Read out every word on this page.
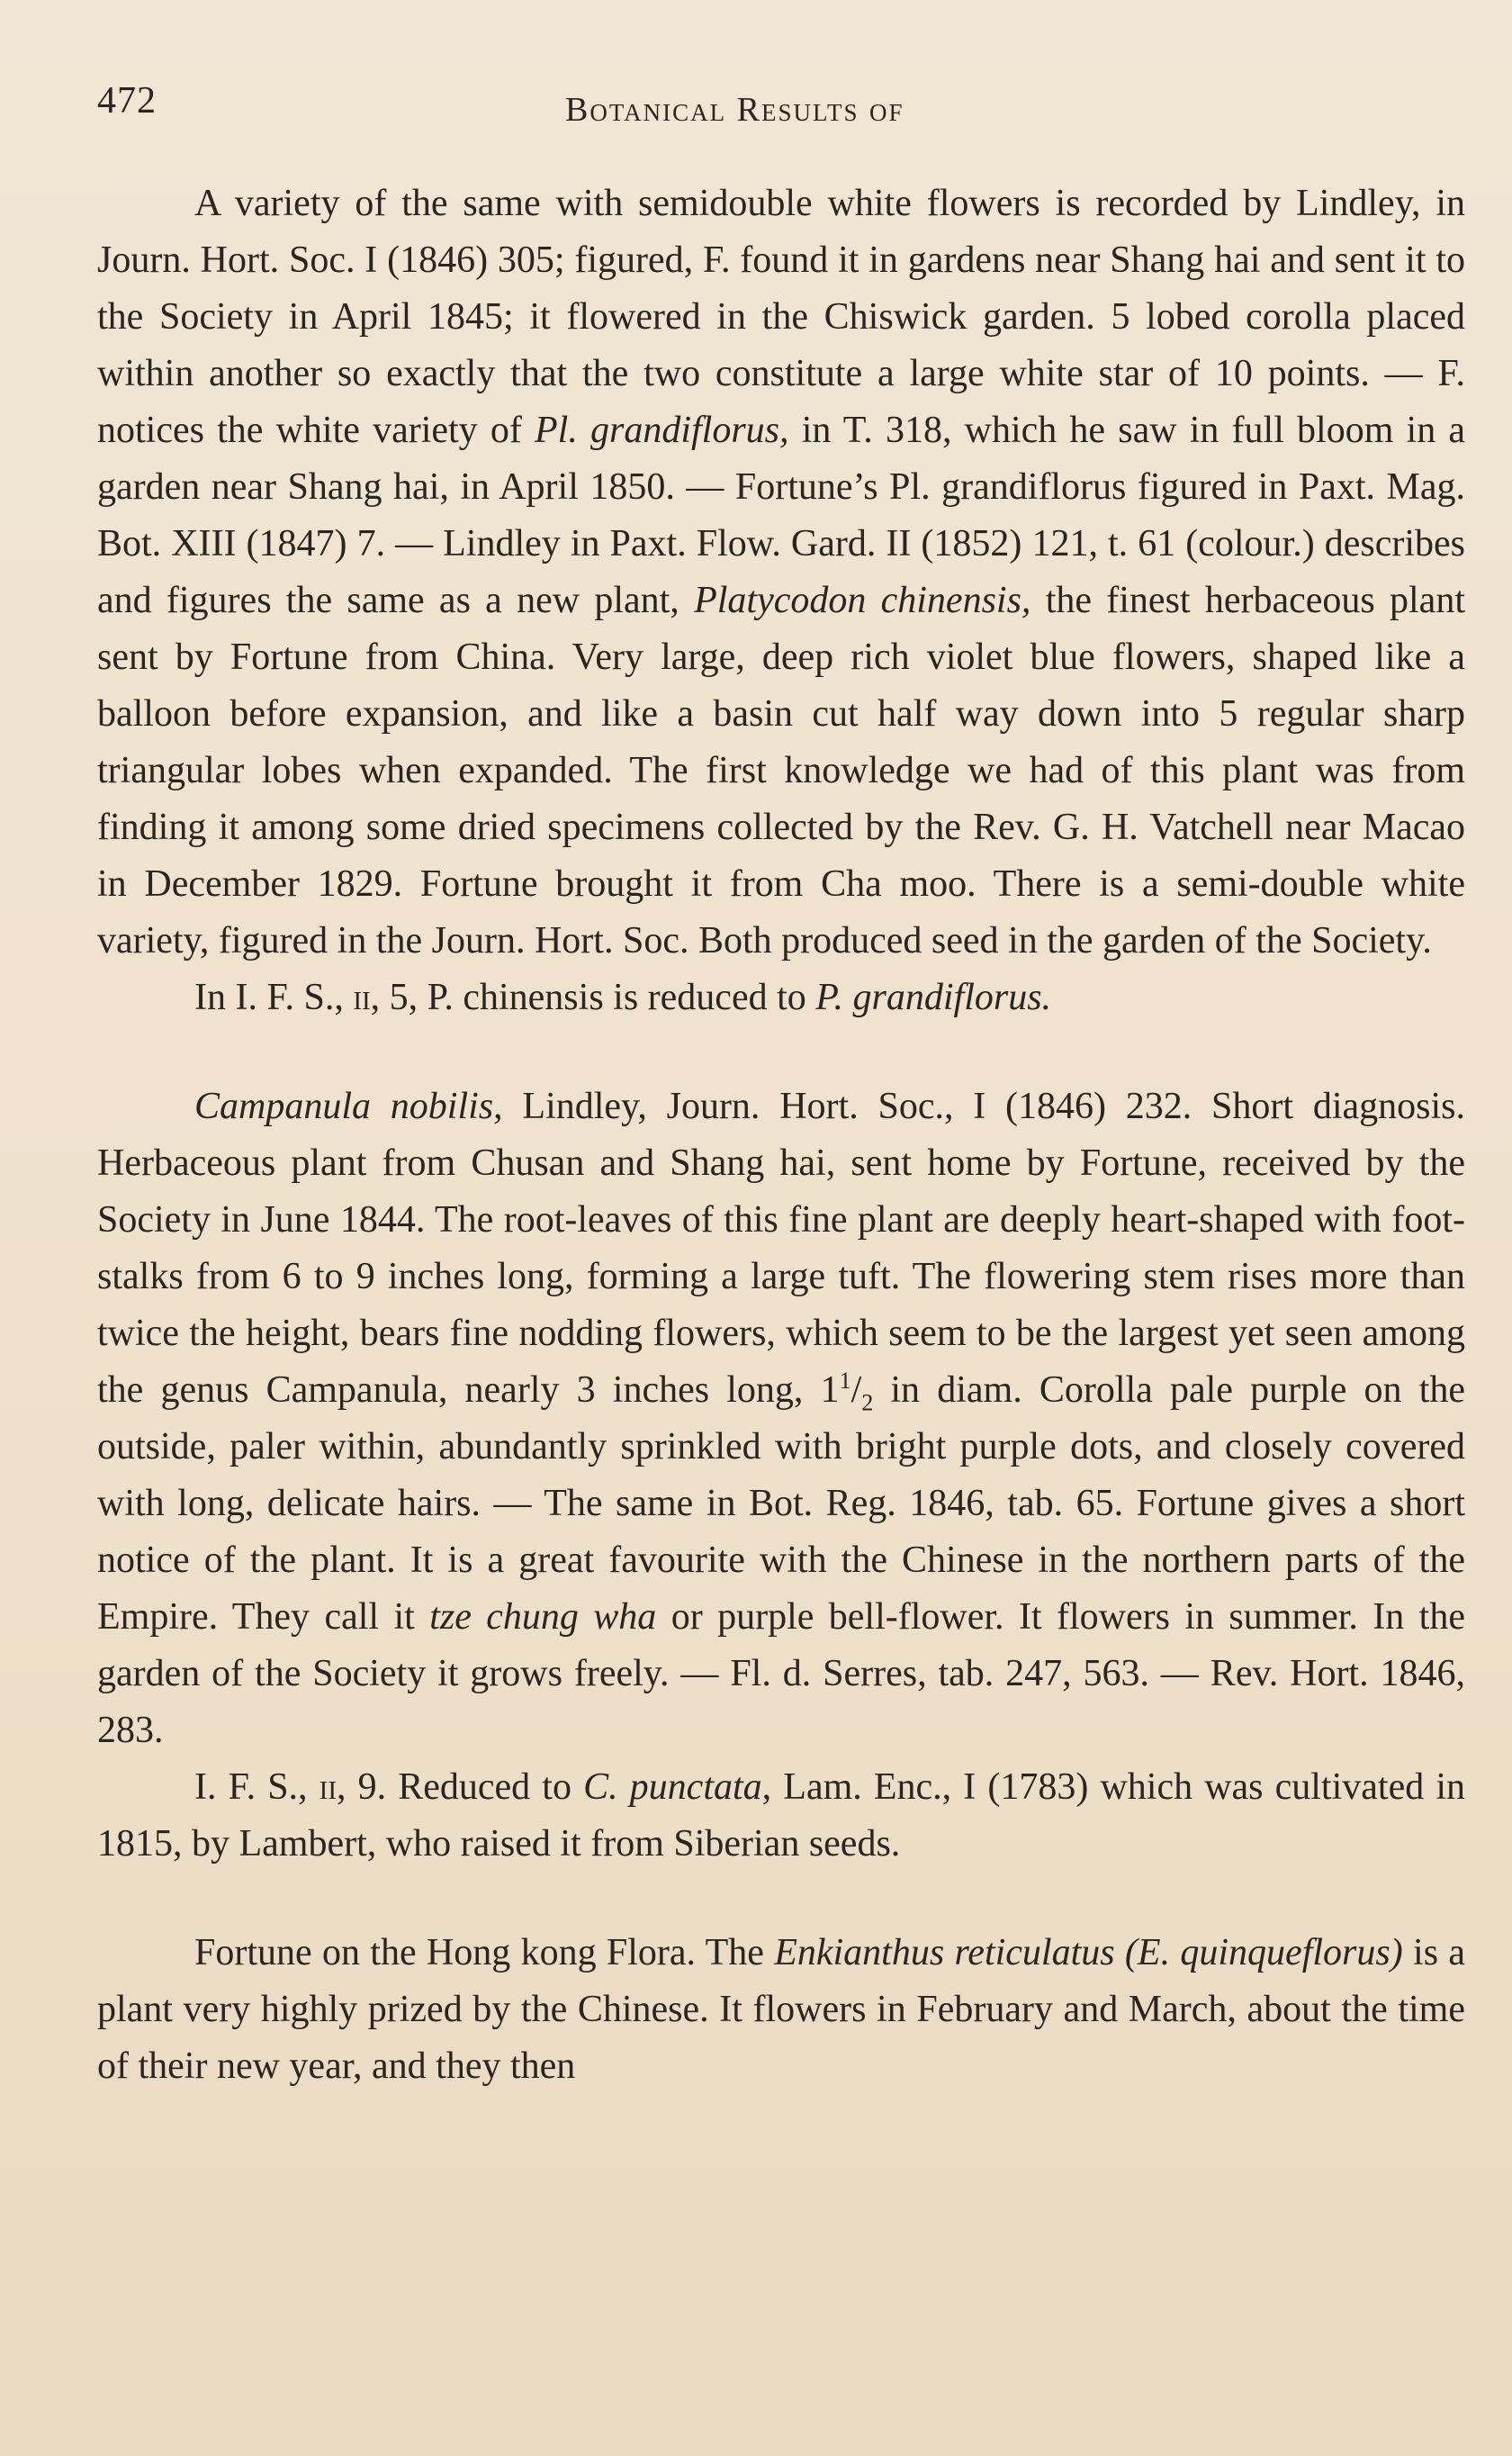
472	Botanical Results of

A variety of the same with semidouble white flowers is recorded by Lindley, in Journ. Hort. Soc. I (1846) 305; figured, F. found it in gardens near Shang hai and sent it to the Society in April 1845; it flowered in the Chiswick garden. 5 lobed corolla placed within another so exactly that the two constitute a large white star of 10 points. — F. notices the white variety of Pl. grandiflorus, in T. 318, which he saw in full bloom in a garden near Shang hai, in April 1850. — Fortune’s Pl. grandiflorus figured in Paxt. Mag. Bot. XIII (1847) 7. — Lindley in Paxt. Flow. Gard. II (1852) 121, t. 61 (colour.) describes and figures the same as a new plant, Platycodon chinensis, the finest herbaceous plant sent by Fortune from China. Very large, deep rich violet blue flowers, shaped like a balloon before expansion, and like a basin cut half way down into 5 regular sharp triangular lobes when expanded. The first knowledge we had of this plant was from finding it among some dried specimens collected by the Rev. G. H. Vatchell near Macao in December 1829. Fortune brought it from Cha moo. There is a semi-double white variety, figured in the Journ. Hort. Soc. Both produced seed in the garden of the Society.

In I. F. S., ii, 5, P. chinensis is reduced to P. grandiflorus.

Campanula nobilis, Lindley, Journ. Hort. Soc., I (1846) 232. Short diagnosis. Herbaceous plant from Chusan and Shang hai, sent home by Fortune, received by the Society in June 1844. The root-leaves of this fine plant are deeply heart-shaped with foot-stalks from 6 to 9 inches long, forming a large tuft. The flowering stem rises more than twice the height, bears fine nodding flowers, which seem to be the largest yet seen among the genus Campanula, nearly 3 inches long, $1^1/_2$ in diam. Corolla pale purple on the outside, paler within, abundantly sprinkled with bright purple dots, and closely covered with long, delicate hairs. — The same in Bot. Reg. 1846, tab. 65. Fortune gives a short notice of the plant. It is a great favourite with the Chinese in the northern parts of the Empire. They call it tze chung wha or purple bell-flower. It flowers in summer. In the garden of the Society it grows freely. — Fl. d. Serres, tab. 247, 563. — Rev. Hort. 1846, 283.

I. F. S., ii, 9. Reduced to C. punctata, Lam. Enc., I (1783) which was cultivated in 1815, by Lambert, who raised it from Siberian seeds.

Fortune on the Hong kong Flora. The Enkianthus reticulatus (E. quinqueflorus) is a plant very highly prized by the Chinese. It flowers in February and March, about the time of their new year, and they then
